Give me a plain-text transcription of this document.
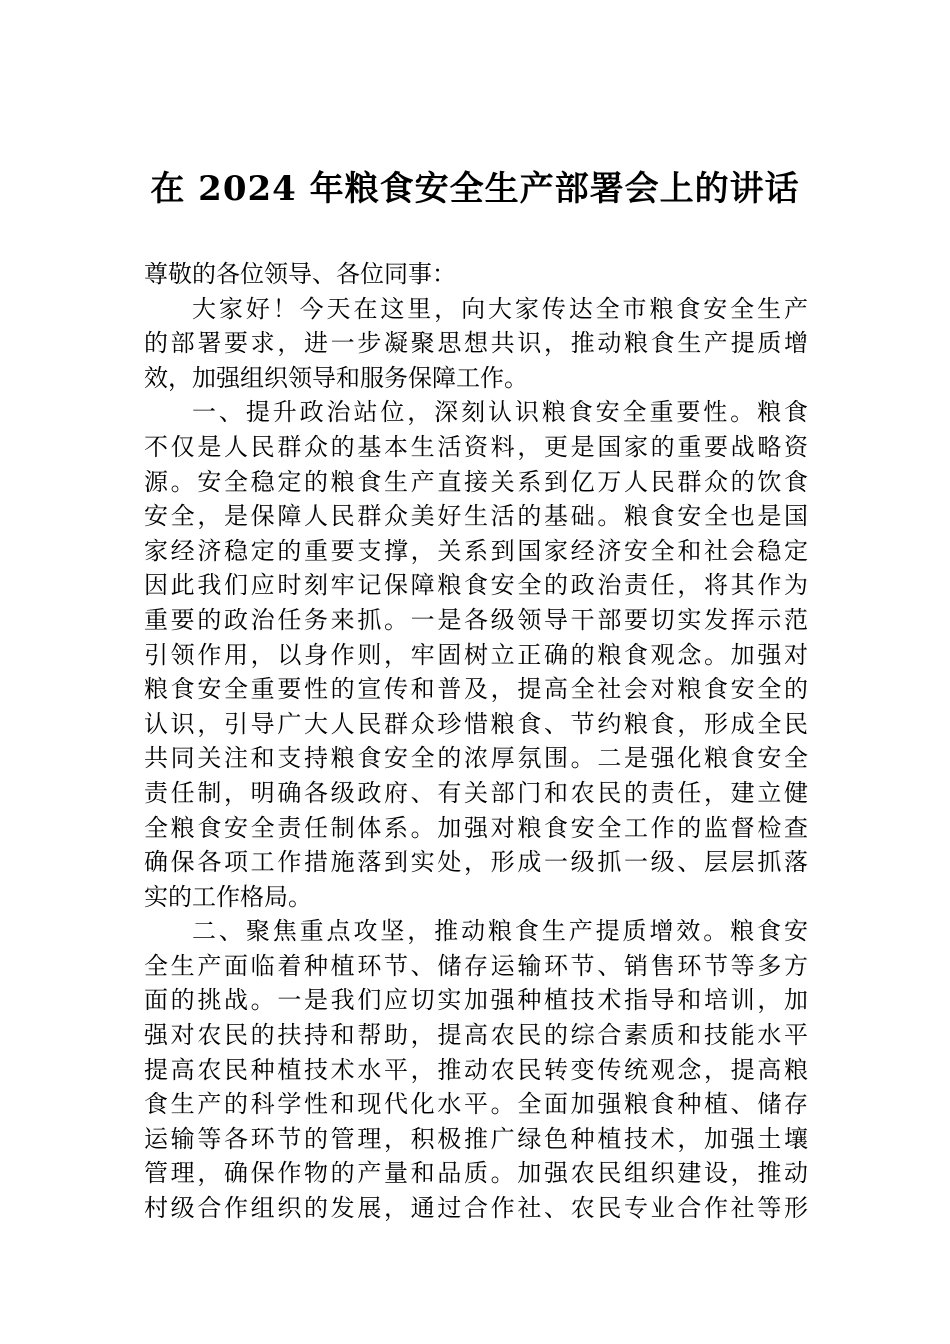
在 2024 年粮食安全生产部署会上的讲话
尊敬的各位领导、各位同事：
大家好！今天在这里，向大家传达全市粮食安全生产
的部署要求，进一步凝聚思想共识，推动粮食生产提质增
效，加强组织领导和服务保障工作。
一、提升政治站位，深刻认识粮食安全重要性。粮食
不仅是人民群众的基本生活资料，更是国家的重要战略资
源。安全稳定的粮食生产直接关系到亿万人民群众的饮食
安全，是保障人民群众美好生活的基础。粮食安全也是国
家经济稳定的重要支撑，关系到国家经济安全和社会稳定
因此我们应时刻牢记保障粮食安全的政治责任，将其作为
重要的政治任务来抓。一是各级领导干部要切实发挥示范
引领作用，以身作则，牢固树立正确的粮食观念。加强对
粮食安全重要性的宣传和普及，提高全社会对粮食安全的
认识，引导广大人民群众珍惜粮食、节约粮食，形成全民
共同关注和支持粮食安全的浓厚氛围。二是强化粮食安全
责任制，明确各级政府、有关部门和农民的责任，建立健
全粮食安全责任制体系。加强对粮食安全工作的监督检查
确保各项工作措施落到实处，形成一级抓一级、层层抓落
实的工作格局。
二、聚焦重点攻坚，推动粮食生产提质增效。粮食安
全生产面临着种植环节、储存运输环节、销售环节等多方
面的挑战。一是我们应切实加强种植技术指导和培训，加
强对农民的扶持和帮助，提高农民的综合素质和技能水平
提高农民种植技术水平，推动农民转变传统观念，提高粮
食生产的科学性和现代化水平。全面加强粮食种植、储存
运输等各环节的管理，积极推广绿色种植技术，加强土壤
管理，确保作物的产量和品质。加强农民组织建设，推动
村级合作组织的发展，通过合作社、农民专业合作社等形
